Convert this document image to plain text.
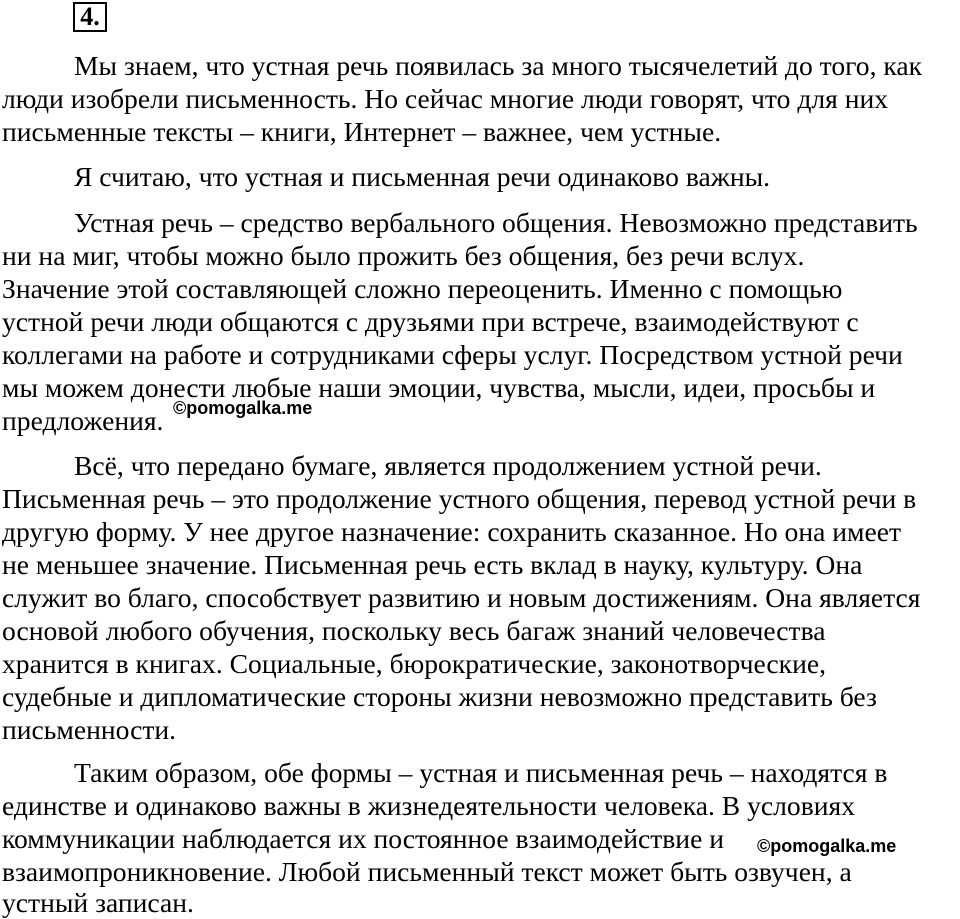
4.
Мы знаем, что устная речь появилась за много тысячелетий до того, как
люди изобрели письменность. Но сейчас многие люди говорят, что для них
письменные тексты – книги, Интернет – важнее, чем устные.
Я считаю, что устная и письменная речи одинаково важны.
Устная речь – средство вербального общения. Невозможно представить
ни на миг, чтобы можно было прожить без общения, без речи вслух.
Значение этой составляющей сложно переоценить. Именно с помощью
устной речи люди общаются с друзьями при встрече, взаимодействуют с
коллегами на работе и сотрудниками сферы услуг. Посредством устной речи
мы можем донести любые наши эмоции, чувства, мысли, идеи, просьбы и
предложения.
Всё, что передано бумаге, является продолжением устной речи.
Письменная речь – это продолжение устного общения, перевод устной речи в
другую форму. У нее другое назначение: сохранить сказанное. Но она имеет
не меньшее значение. Письменная речь есть вклад в науку, культуру. Она
служит во благо, способствует развитию и новым достижениям. Она является
основой любого обучения, поскольку весь багаж знаний человечества
хранится в книгах. Социальные, бюрократические, законотворческие,
судебные и дипломатические стороны жизни невозможно представить без
письменности.
Таким образом, обе формы – устная и письменная речь – находятся в
единстве и одинаково важны в жизнедеятельности человека. В условиях
коммуникации наблюдается их постоянное взаимодействие и
взаимопроникновение. Любой письменный текст может быть озвучен, а
устный записан.
©pomogalka.me
©pomogalka.me
